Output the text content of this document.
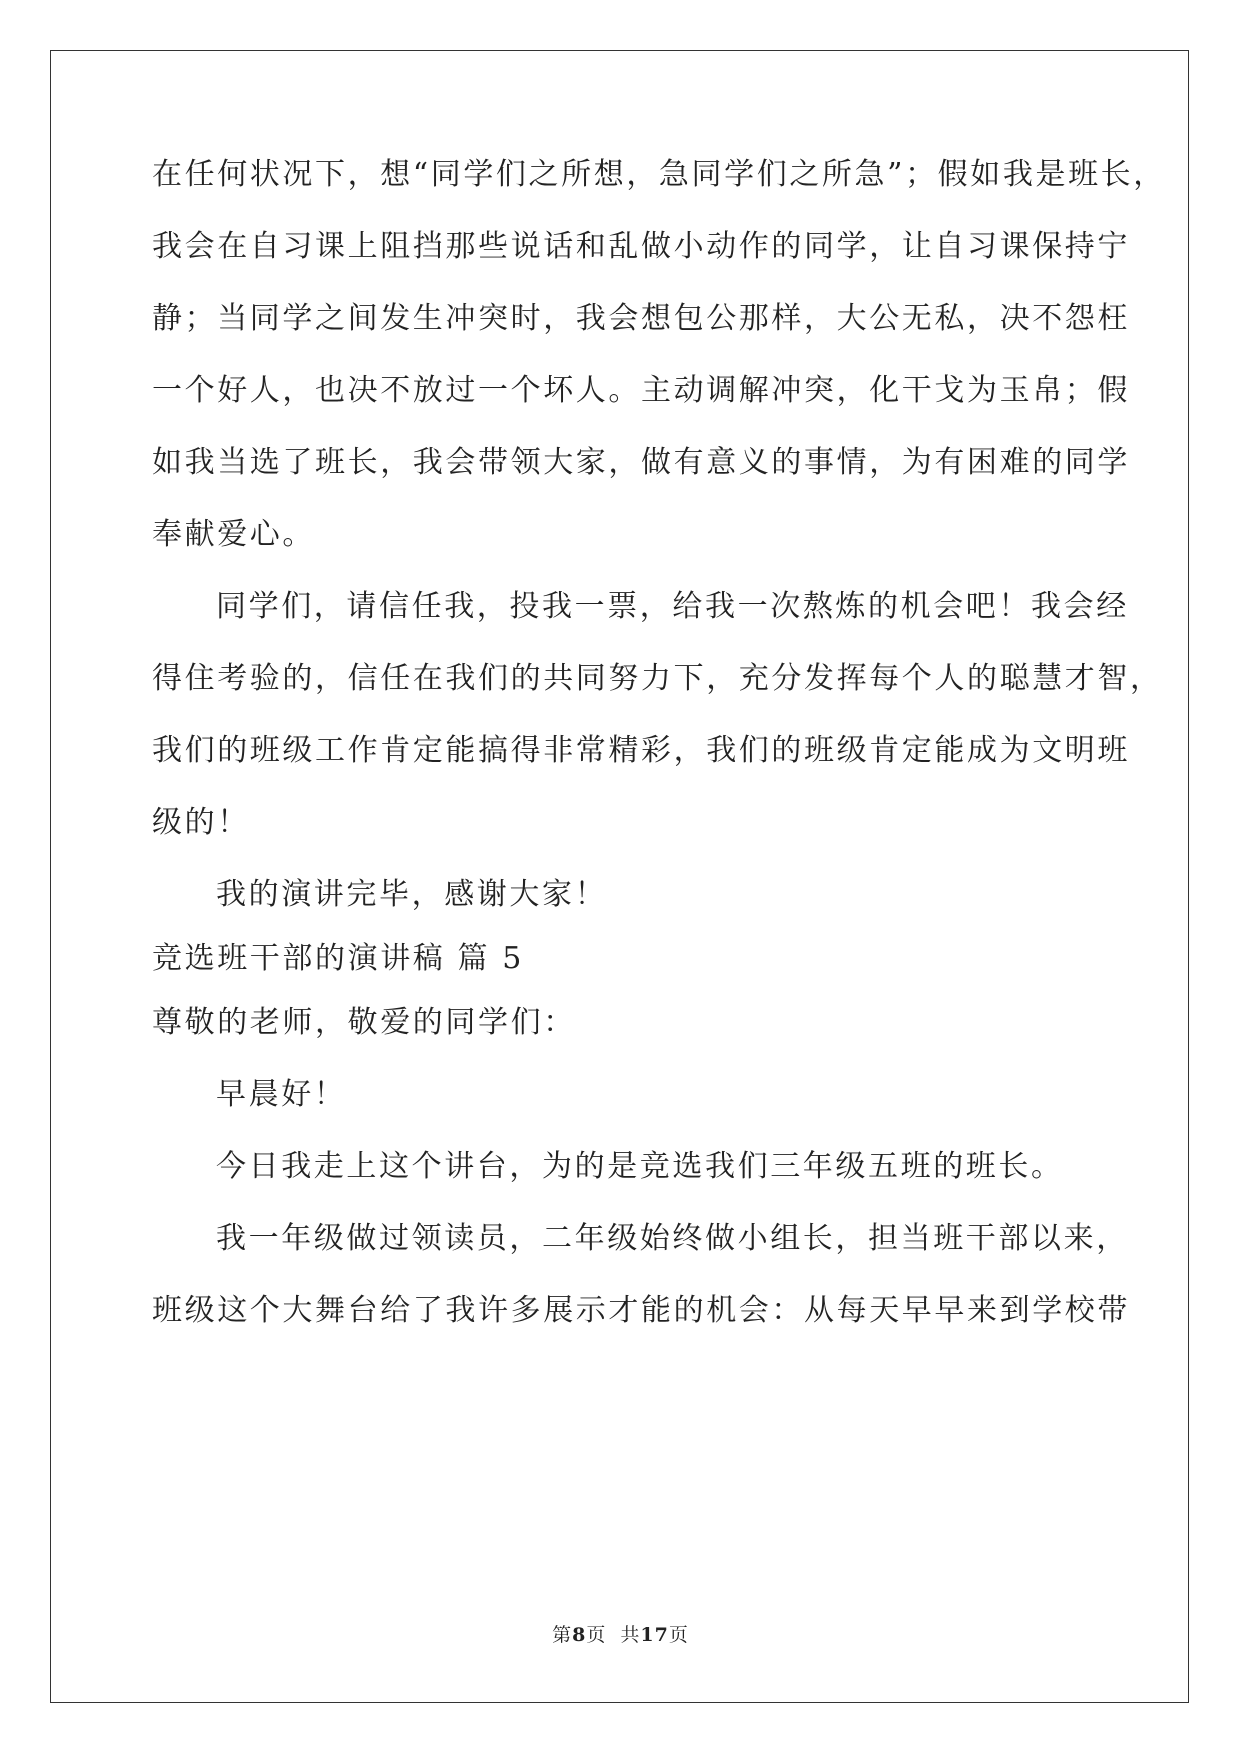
在任何状况下，想“同学们之所想，急同学们之所急”；假如我是班长，
我会在自习课上阻挡那些说话和乱做小动作的同学，让自习课保持宁
静；当同学之间发生冲突时，我会想包公那样，大公无私，决不怨枉
一个好人，也决不放过一个坏人。主动调解冲突，化干戈为玉帛；假
如我当选了班长，我会带领大家，做有意义的事情，为有困难的同学
奉献爱心。
同学们，请信任我，投我一票，给我一次熬炼的机会吧！我会经
得住考验的，信任在我们的共同努力下，充分发挥每个人的聪慧才智，
我们的班级工作肯定能搞得非常精彩，我们的班级肯定能成为文明班
级的！
我的演讲完毕，感谢大家！
竞选班干部的演讲稿 篇 5
尊敬的老师，敬爱的同学们：
早晨好！
今日我走上这个讲台，为的是竞选我们三年级五班的班长。
我一年级做过领读员，二年级始终做小组长，担当班干部以来，
班级这个大舞台给了我许多展示才能的机会：从每天早早来到学校带
第8页 共17页
